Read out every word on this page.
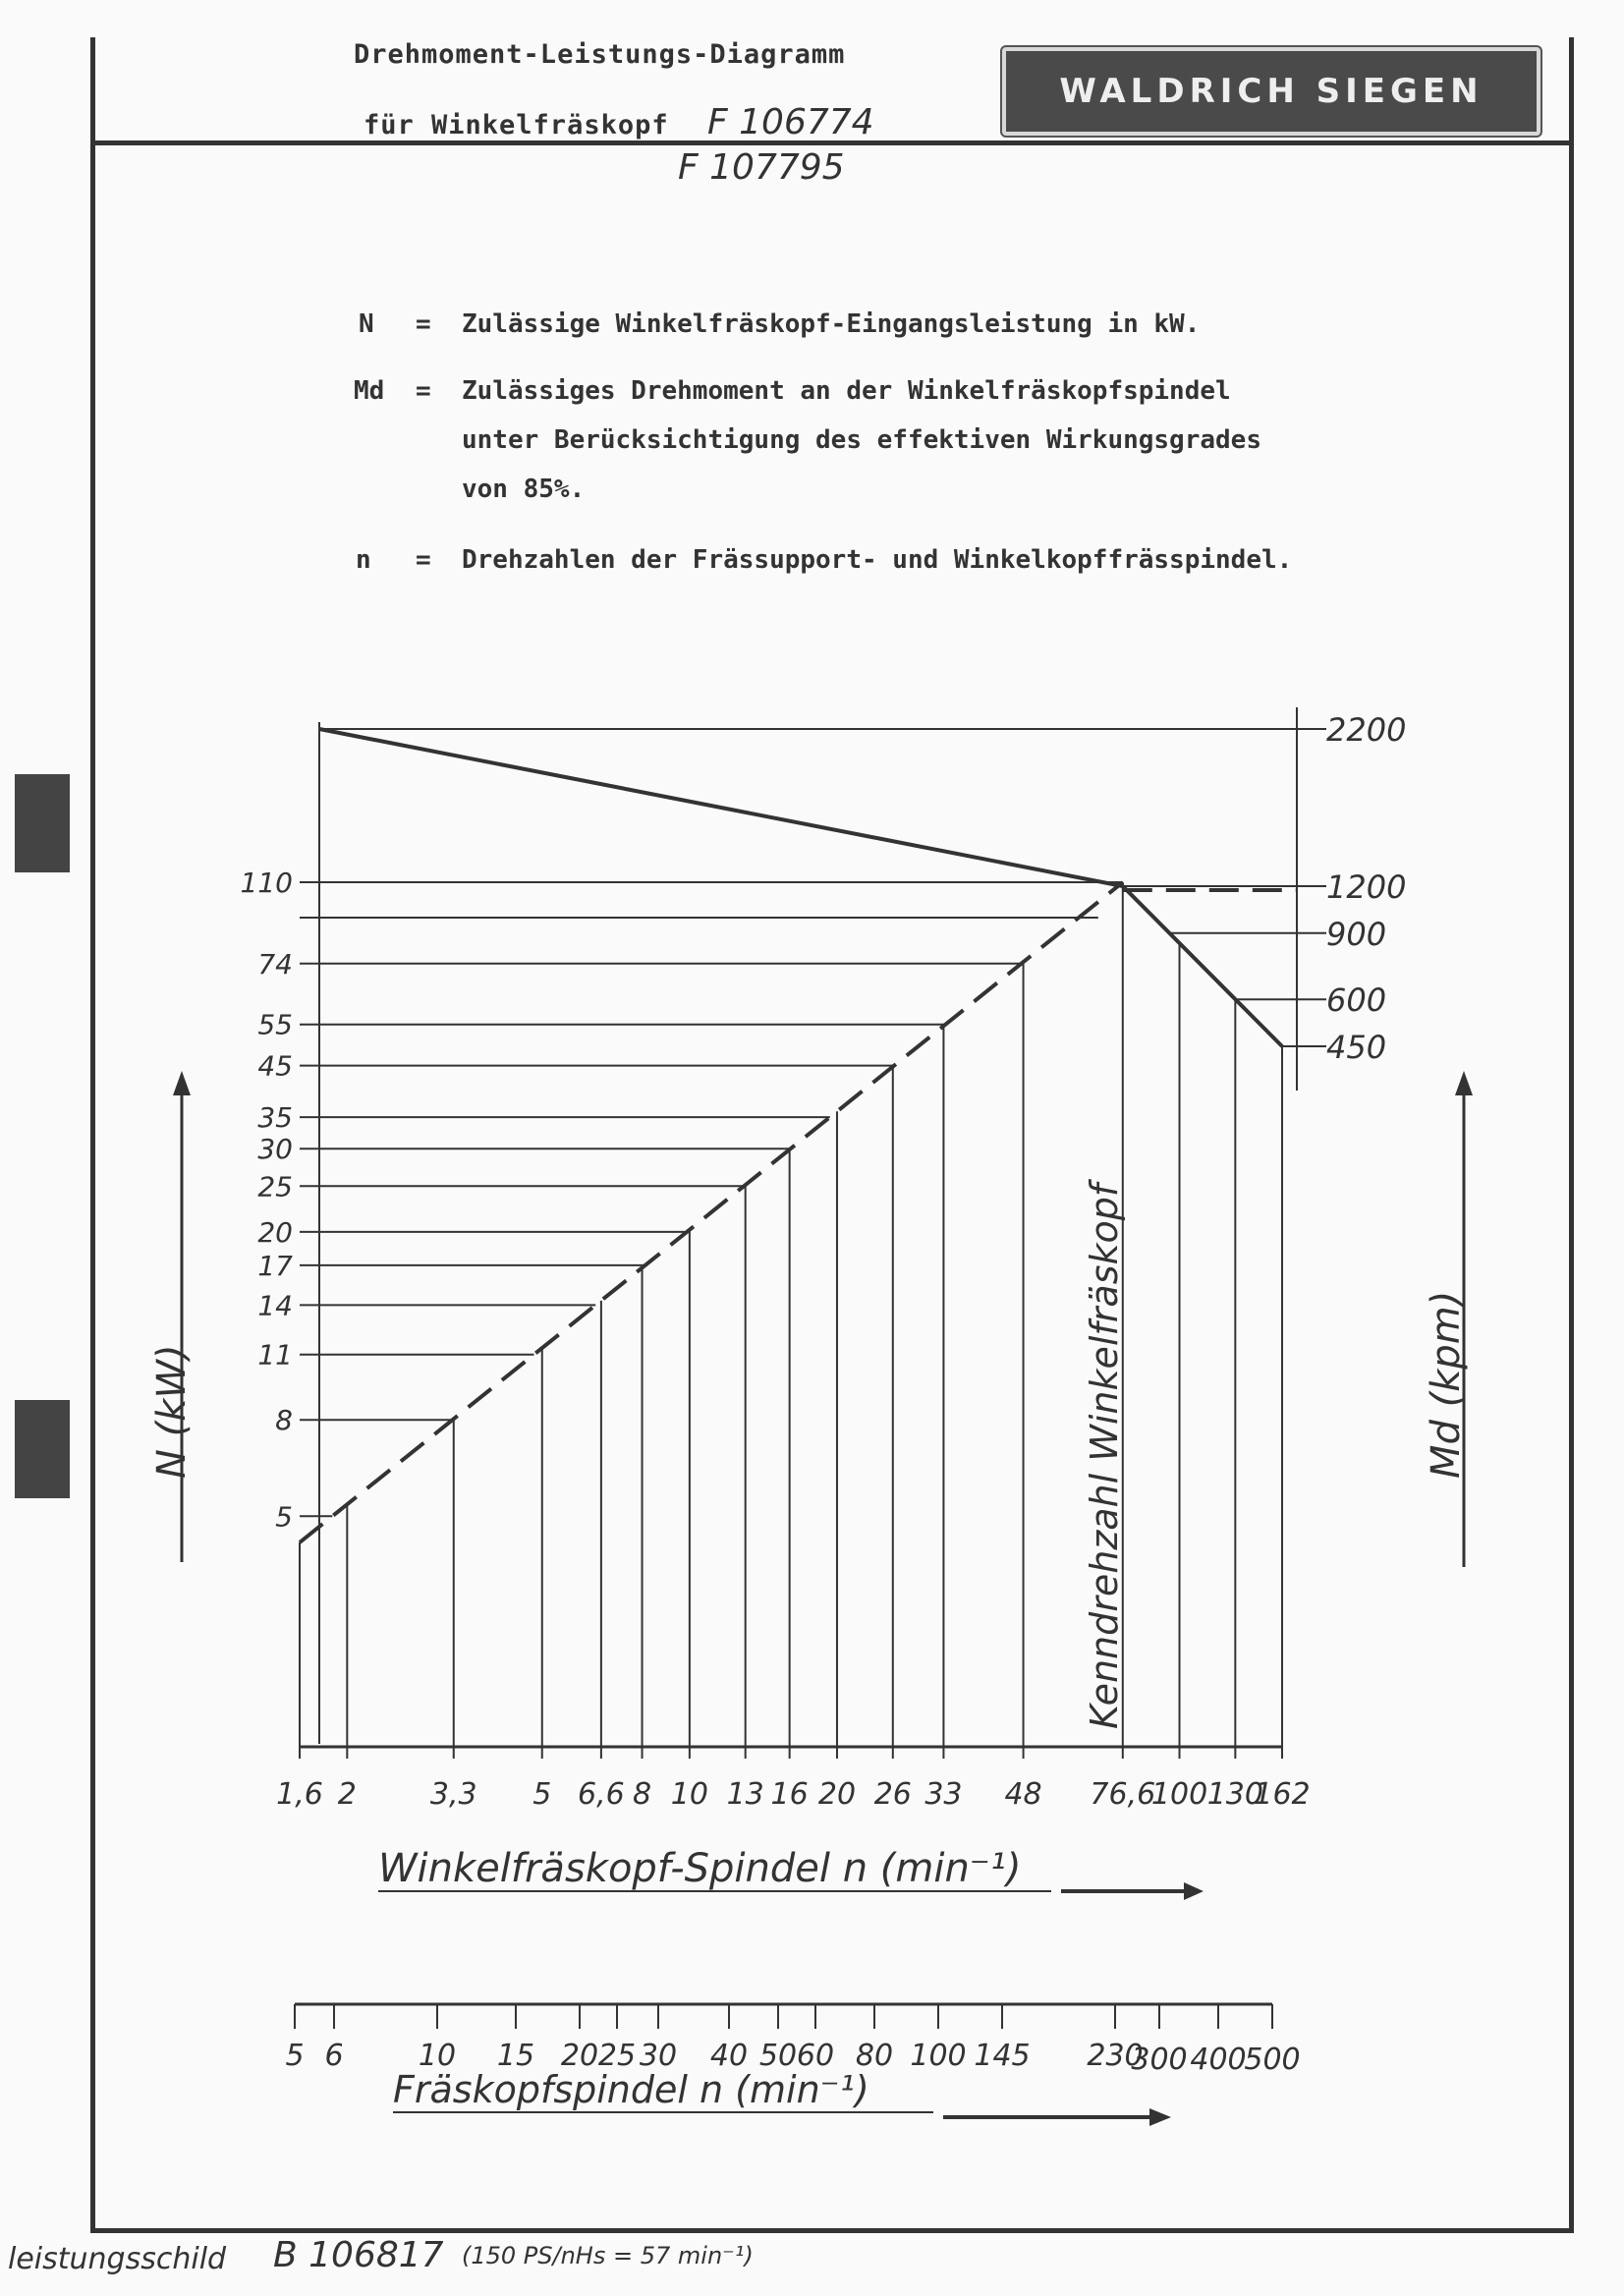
Drehmoment-Leistungs-Diagramm
für Winkelfräskopf F 106774
F 107795
WALDRICH SIEGEN
N = Zulässige Winkelfräskopf-Eingangsleistung in kW.
Md = Zulässiges Drehmoment an der Winkelfräskopfspindel
unter Berücksichtigung des effektiven Wirkungsgrades
von 85%.
n = Drehzahlen der Frässupport- und Winkelkopffrässpindel.
1,6 2	3,3 5 6,6 8 10 13 16 20 26 33 48 76,6
100 130
162
5
8
11
14
17
20
25
30
35
45
55
74
110
450
600
900
1200
2200
Winkelfräskopf-Spindel n (min⁻¹)
5 6	10 15 20 25 30 40 50 60 80 100 145 230
300 400
500
Fräskopfspindel n (min⁻¹)
N (kW)	Md (kpm)
Kenndrehzahl Winkelfräskopf
leistungsschild B 106817 (150 PS/nHs = 57 min⁻¹)
